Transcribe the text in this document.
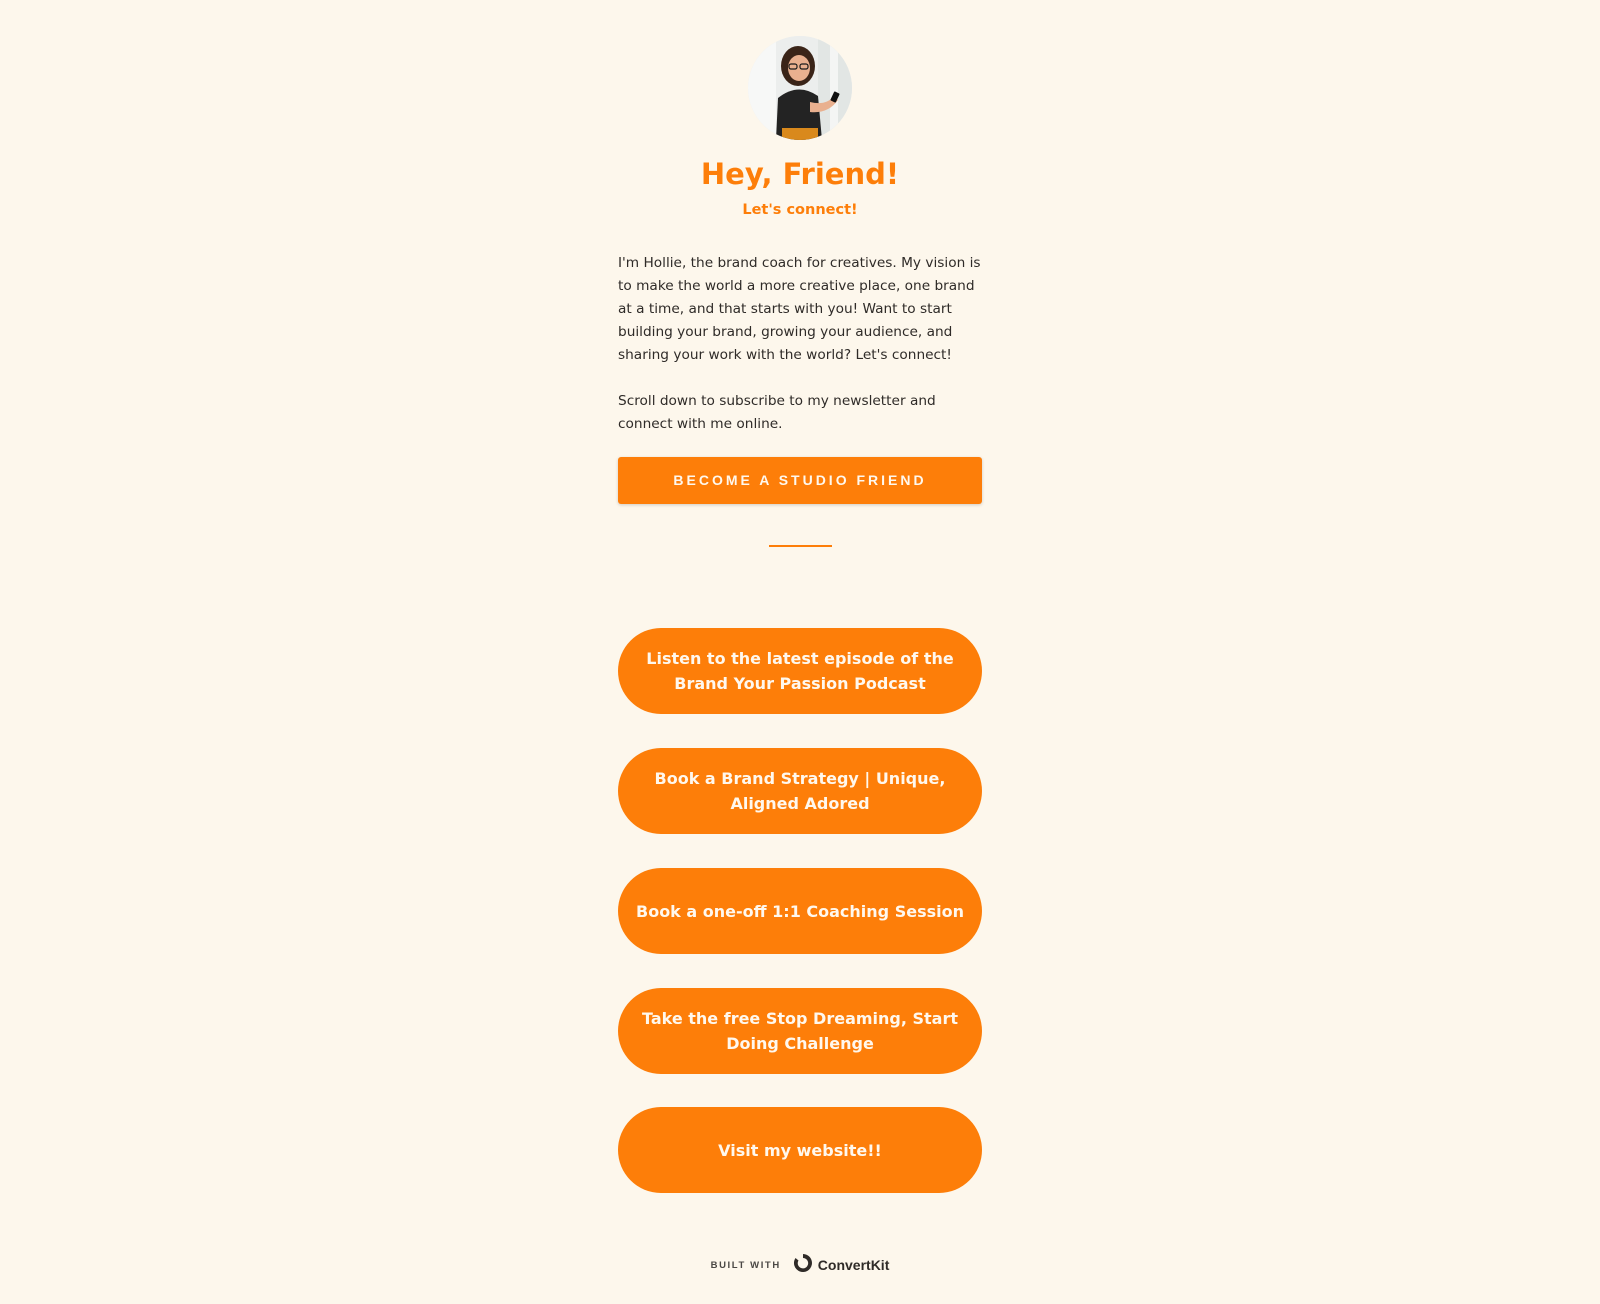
Hey, Friend!
Let's connect!

I'm Hollie, the brand coach for creatives. My vision is to make the world a more creative place, one brand at a time, and that starts with you! Want to start building your brand, growing your audience, and sharing your work with the world? Let's connect!

Scroll down to subscribe to my newsletter and connect with me online.

BECOME A STUDIO FRIEND
Listen to the latest episode of the Brand Your Passion Podcast
Book a Brand Strategy | Unique, Aligned Adored
Book a one-off 1:1 Coaching Session
Take the free Stop Dreaming, Start Doing Challenge
Visit my website!!
BUILT WITH	ConvertKit
